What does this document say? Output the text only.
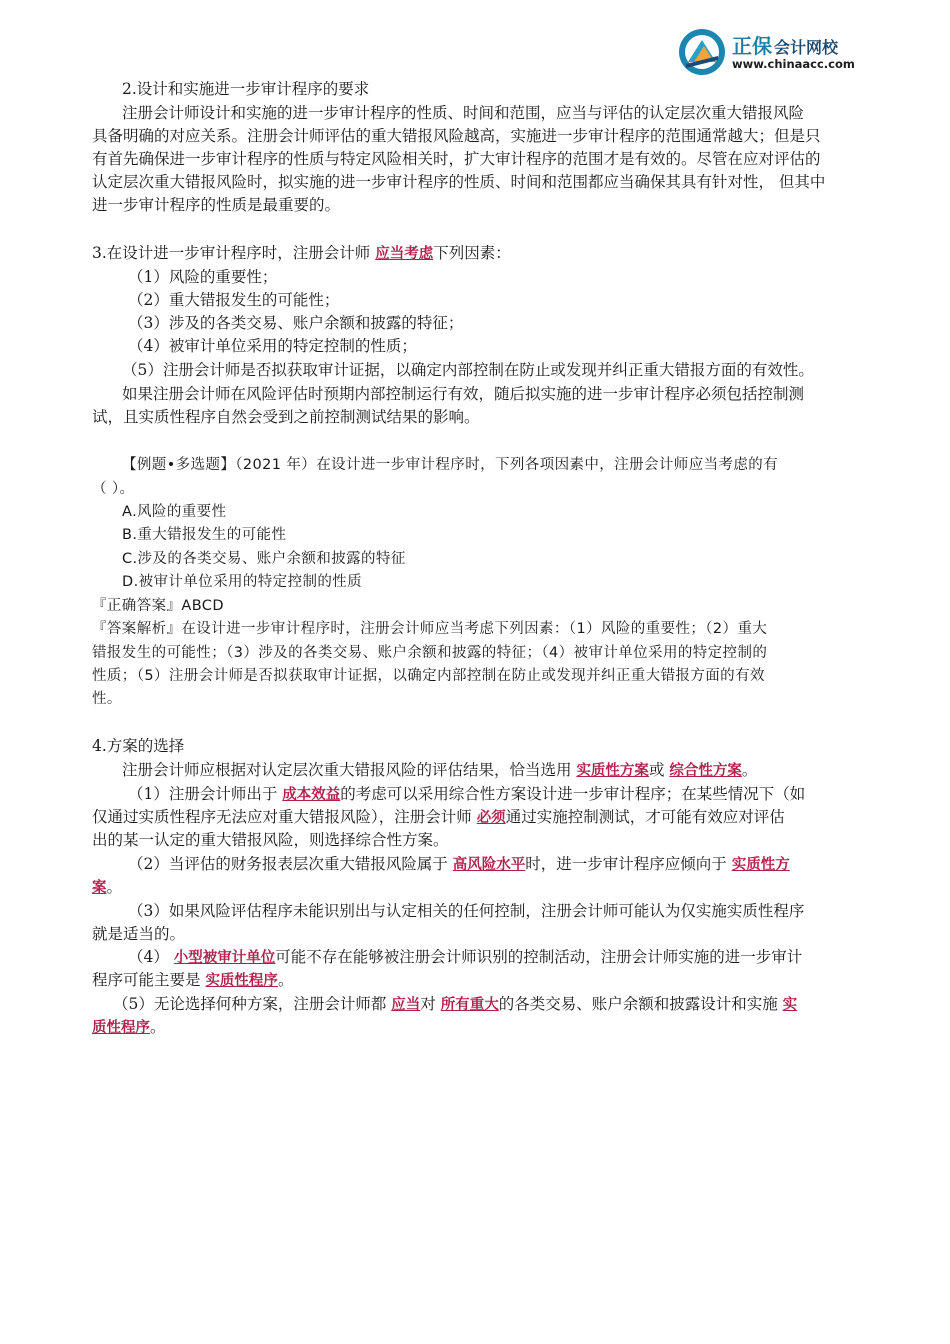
正保 会计网校
www.chinaacc.com
2.设计和实施进一步审计程序的要求
注册会计师设计和实施的进一步审计程序的性质、时间和范围，应当与评估的认定层次重大错报风险
具备明确的对应关系。注册会计师评估的重大错报风险越高，实施进一步审计程序的范围通常越大；但是只
有首先确保进一步审计程序的性质与特定风险相关时，扩大审计程序的范围才是有效的。尽管在应对评估的
认定层次重大错报风险时，拟实施的进一步审计程序的性质、时间和范围都应当确保其具有针对性， 但其中
进一步审计程序的性质是最重要的。
3.在设计进一步审计程序时，注册会计师 应当考虑下列因素：
（1）风险的重要性；
（2）重大错报发生的可能性；
（3）涉及的各类交易、账户余额和披露的特征；
（4）被审计单位采用的特定控制的性质；
（5）注册会计师是否拟获取审计证据，以确定内部控制在防止或发现并纠正重大错报方面的有效性。
如果注册会计师在风险评估时预期内部控制运行有效，随后拟实施的进一步审计程序必须包括控制测
试，且实质性程序自然会受到之前控制测试结果的影响。
【例题•多选题】（2021 年）在设计进一步审计程序时，下列各项因素中，注册会计师应当考虑的有
（ ）。
A.风险的重要性
B.重大错报发生的可能性
C.涉及的各类交易、账户余额和披露的特征
D.被审计单位采用的特定控制的性质
『正确答案』ABCD
『答案解析』在设计进一步审计程序时，注册会计师应当考虑下列因素：（1）风险的重要性；（2）重大
错报发生的可能性；（3）涉及的各类交易、账户余额和披露的特征；（4）被审计单位采用的特定控制的
性质；（5）注册会计师是否拟获取审计证据，以确定内部控制在防止或发现并纠正重大错报方面的有效
性。
4.方案的选择
注册会计师应根据对认定层次重大错报风险的评估结果，恰当选用 实质性方案或 综合性方案。
（1）注册会计师出于 成本效益的考虑可以采用综合性方案设计进一步审计程序；在某些情况下（如
仅通过实质性程序无法应对重大错报风险），注册会计师 必须通过实施控制测试，才可能有效应对评估
出的某一认定的重大错报风险，则选择综合性方案。
（2）当评估的财务报表层次重大错报风险属于 高风险水平时，进一步审计程序应倾向于 实质性方
案。
（3）如果风险评估程序未能识别出与认定相关的任何控制，注册会计师可能认为仅实施实质性程序
就是适当的。
（4） 小型被审计单位可能不存在能够被注册会计师识别的控制活动，注册会计师实施的进一步审计
程序可能主要是 实质性程序。
（5）无论选择何种方案，注册会计师都 应当对 所有重大的各类交易、账户余额和披露设计和实施 实
质性程序。
